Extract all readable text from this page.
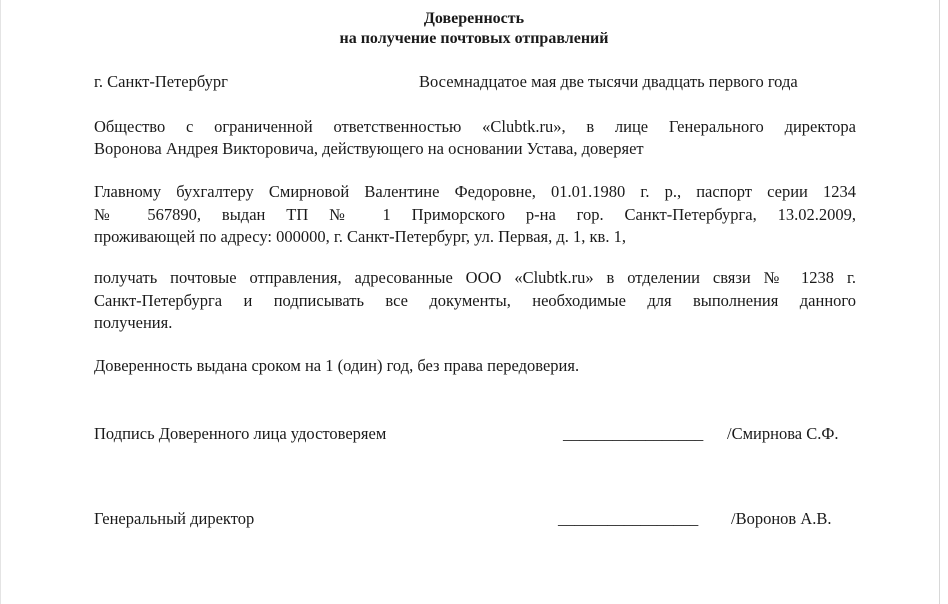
Доверенность
на получение почтовых отправлений
г. Санкт-Петербург	Восемнадцатое мая две тысячи двадцать первого года
Общество с ограниченной ответственностью «Clubtk.ru», в лице Генерального директора
Воронова Андрея Викторовича, действующего на основании Устава, доверяет
Главному бухгалтеру Смирновой Валентине Федоровне, 01.01.1980 г. р., паспорт серии 1234
№ 567890, выдан ТП № 1 Приморского р-на гор. Санкт-Петербурга, 13.02.2009,
проживающей по адресу: 000000, г. Санкт-Петербург, ул. Первая, д. 1, кв. 1,
получать почтовые отправления, адресованные ООО «Clubtk.ru» в отделении связи № 1238 г.
Санкт-Петербурга и подписывать все документы, необходимые для выполнения данного
получения.
Доверенность выдана сроком на 1 (один) год, без права передоверия.
Подпись Доверенного лица удостоверяем	_________________ /Смирнова С.Ф.
Генеральный директор	_________________ /Воронов А.В.
